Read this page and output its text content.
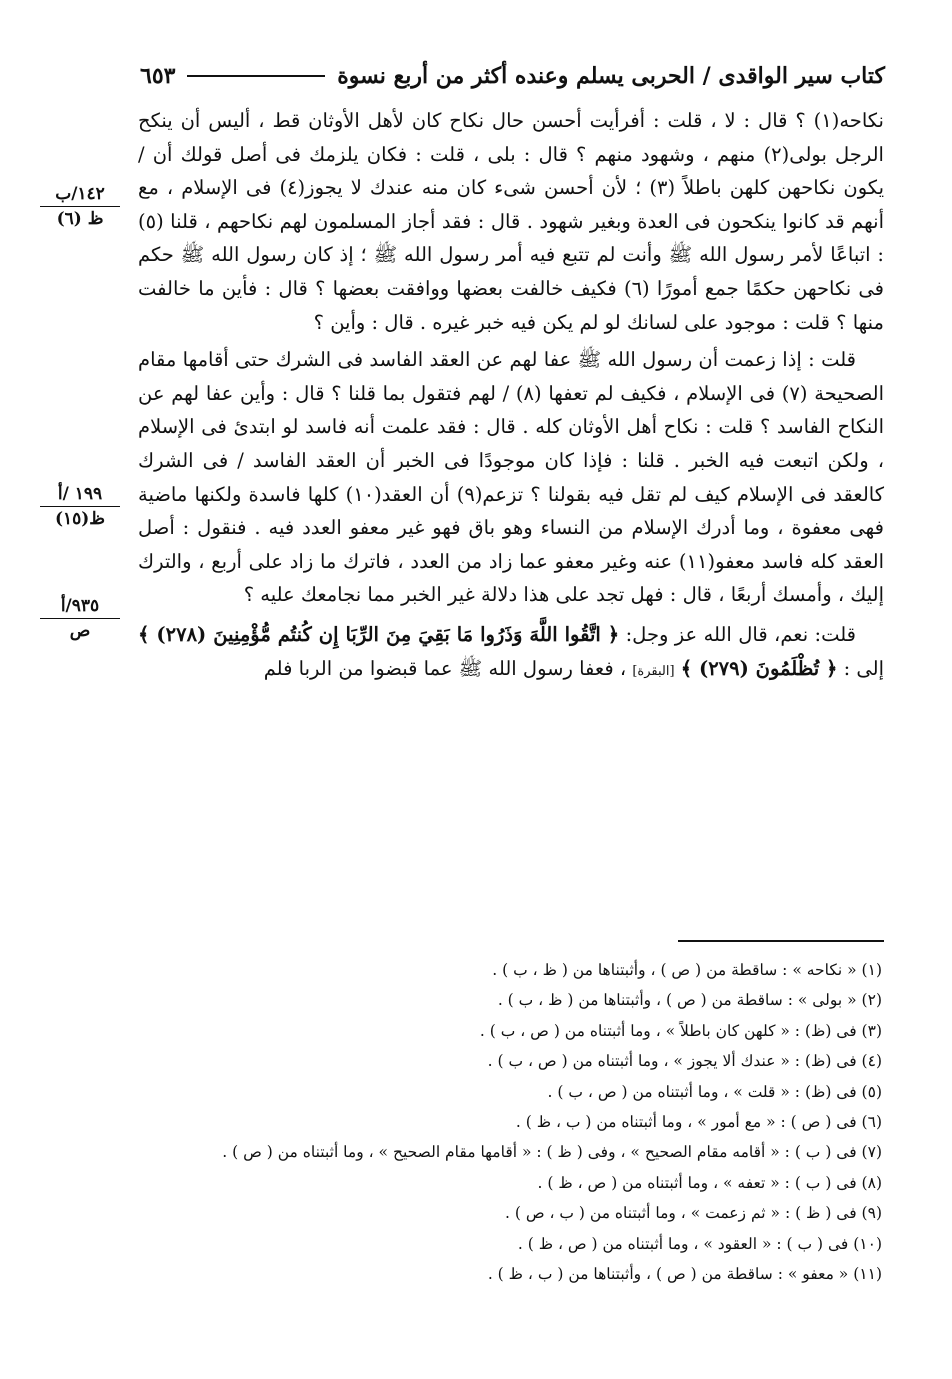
كتاب سير الواقدى / الحربى يسلم وعنده أكثر من أربع نسوة
٦٥٣

نكاحه(١) ؟ قال : لا ، قلت : أفرأيت أحسن حال نكاح كان لأهل الأوثان قط ، أليس أن ينكح الرجل بولى(٢) منهم ، وشهود منهم ؟ قال : بلى ، قلت : فكان يلزمك فى أصل قولك أن / يكون نكاحهن كلهن باطلاً (٣) ؛ لأن أحسن شىء كان منه عندك لا يجوز(٤) فى الإسلام ، مع أنهم قد كانوا ينكحون فى العدة وبغير شهود . قال : فقد أجاز المسلمون لهم نكاحهم ، قلنا (٥) : اتباعًا لأمر رسول الله ﷺ وأنت لم تتبع فيه أمر رسول الله ﷺ ؛ إذ كان رسول الله ﷺ حكم فى نكاحهن حكمًا جمع أمورًا (٦) فكيف خالفت بعضها ووافقت بعضها ؟ قال : فأين ما خالفت منها ؟ قلت : موجود على لسانك لو لم يكن فيه خبر غيره . قال : وأين ؟

قلت : إذا زعمت أن رسول الله ﷺ عفا لهم عن العقد الفاسد فى الشرك حتى أقامها مقام الصحيحة (٧) فى الإسلام ، فكيف لم تعفها (٨) / لهم فتقول بما قلنا ؟ قال : وأين عفا لهم عن النكاح الفاسد ؟ قلت : نكاح أهل الأوثان كله . قال : فقد علمت أنه فاسد لو ابتدئ فى الإسلام ، ولكن اتبعت فيه الخبر . قلنا : فإذا كان موجودًا فى الخبر أن العقد الفاسد / فى الشرك كالعقد فى الإسلام كيف لم تقل فيه بقولنا ؟ تزعم(٩) أن العقد(١٠) كلها فاسدة ولكنها ماضية فهى معفوة ، وما أدرك الإسلام من النساء وهو باق فهو غير معفو العدد فيه . فنقول : أصل العقد كله فاسد معفو(١١) عنه وغير معفو عما زاد من العدد ، فاترك ما زاد على أربع ، والترك إليك ، وأمسك أربعًا ، قال : فهل تجد على هذا دلالة غير الخبر مما نجامعك عليه ؟

قلت: نعم، قال الله عز وجل: ﴿ اتَّقُوا اللَّهَ وَذَرُوا مَا بَقِيَ مِنَ الرِّبَا إِن كُنتُم مُّؤْمِنِينَ (٢٧٨) ﴾ إلى : ﴿ تُظْلَمُونَ (٢٧٩) ﴾ [البقرة] ، فعفا رسول الله ﷺ عما قبضوا من الربا فلم

١٤٢/ب
ظ (٦)
١٩٩ /أ
ظ(١٥)
٩٣٥/أ
ص
(١) « نكاحه » : ساقطة من ( ص ) ، وأثبتناها من ( ظ ، ب ) .
(٢) « بولى » : ساقطة من ( ص ) ، وأثبتناها من ( ظ ، ب ) .
(٣) فى (ظ) : « كلهن كان باطلاً » ، وما أثبتناه من ( ص ، ب ) .
(٤) فى (ظ) : « عندك ألا يجوز » ، وما أثبتناه من ( ص ، ب ) .
(٥) فى (ظ) : « قلت » ، وما أثبتناه من ( ص ، ب ) .
(٦) فى ( ص ) : « مع أمور » ، وما أثبتناه من ( ب ، ظ ) .
(٧) فى ( ب ) : « أقامه مقام الصحيح » ، وفى ( ظ ) : « أقامها مقام الصحيح » ، وما أثبتناه من ( ص ) .
(٨) فى ( ب ) : « تعفه » ، وما أثبتناه من ( ص ، ظ ) .
(٩) فى ( ظ ) : « ثم زعمت » ، وما أثبتناه من ( ب ، ص ) .
(١٠) فى ( ب ) : « العقود » ، وما أثبتناه من ( ص ، ظ ) .
(١١) « معفو » : ساقطة من ( ص ) ، وأثبتناها من ( ب ، ظ ) .
